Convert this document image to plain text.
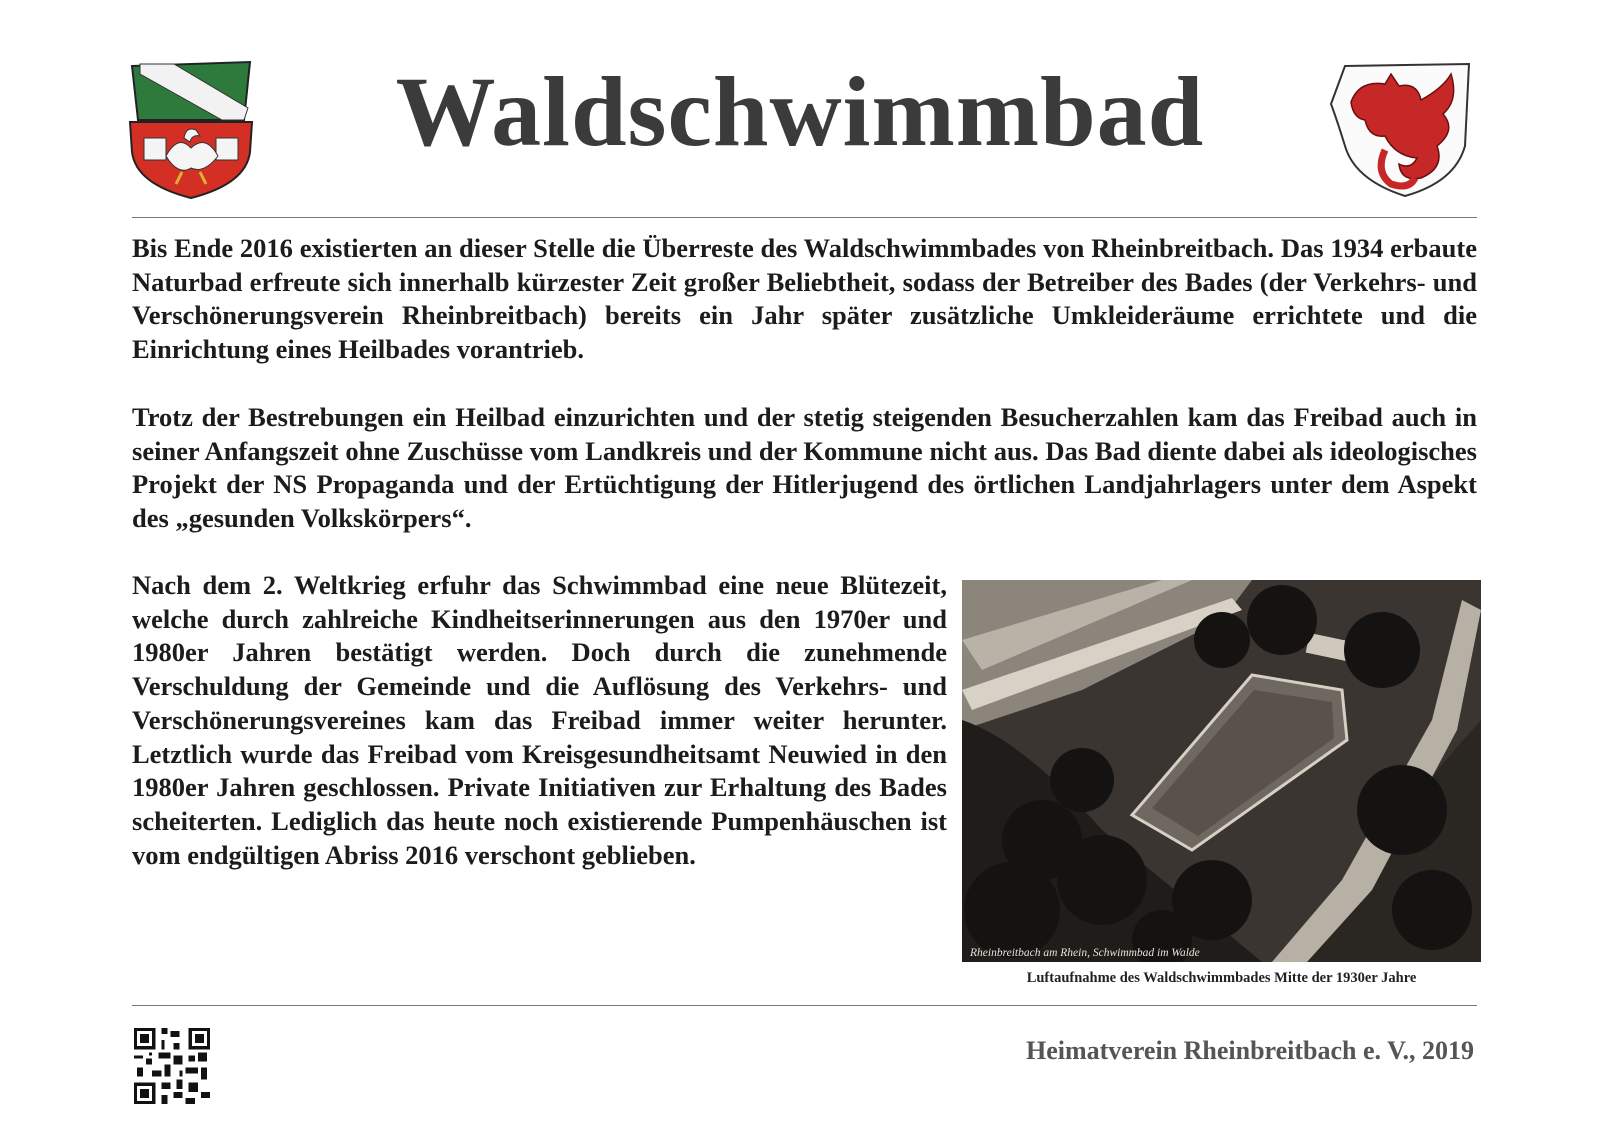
Waldschwimmbad

Bis Ende 2016 existierten an dieser Stelle die Überreste des Waldschwimmbades von Rheinbreitbach. Das 1934 erbaute Naturbad erfreute sich innerhalb kürzester Zeit großer Beliebtheit, sodass der Betreiber des Bades (der Verkehrs- und Verschönerungsverein Rheinbreitbach) bereits ein Jahr später zusätzliche Umkleideräume errichtete und die Einrichtung eines Heilbades vorantrieb.

Trotz der Bestrebungen ein Heilbad einzurichten und der stetig steigenden Besucherzahlen kam das Freibad auch in seiner Anfangszeit ohne Zuschüsse vom Landkreis und der Kommune nicht aus. Das Bad diente dabei als ideologisches Projekt der NS Propaganda und der Ertüchtigung der Hitlerjugend des örtlichen Landjahrlagers unter dem Aspekt des „gesunden Volkskörpers“.

Nach dem 2. Weltkrieg erfuhr das Schwimmbad eine neue Blütezeit, welche durch zahlreiche Kindheitserinnerungen aus den 1970er und 1980er Jahren bestätigt werden. Doch durch die zunehmende Verschuldung der Gemeinde und die Auflösung des Verkehrs- und Verschönerungsvereines kam das Freibad immer weiter herunter. Letztlich wurde das Freibad vom Kreisgesundheitsamt Neuwied in den 1980er Jahren geschlossen. Private Initiativen zur Erhaltung des Bades scheiterten. Lediglich das heute noch existierende Pumpenhäuschen ist vom endgültigen Abriss 2016 verschont geblieben.

Rheinbreitbach am Rhein, Schwimmbad im Walde
Luftaufnahme des Waldschwimmbades Mitte der 1930er Jahre
Heimatverein Rheinbreitbach e. V., 2019
